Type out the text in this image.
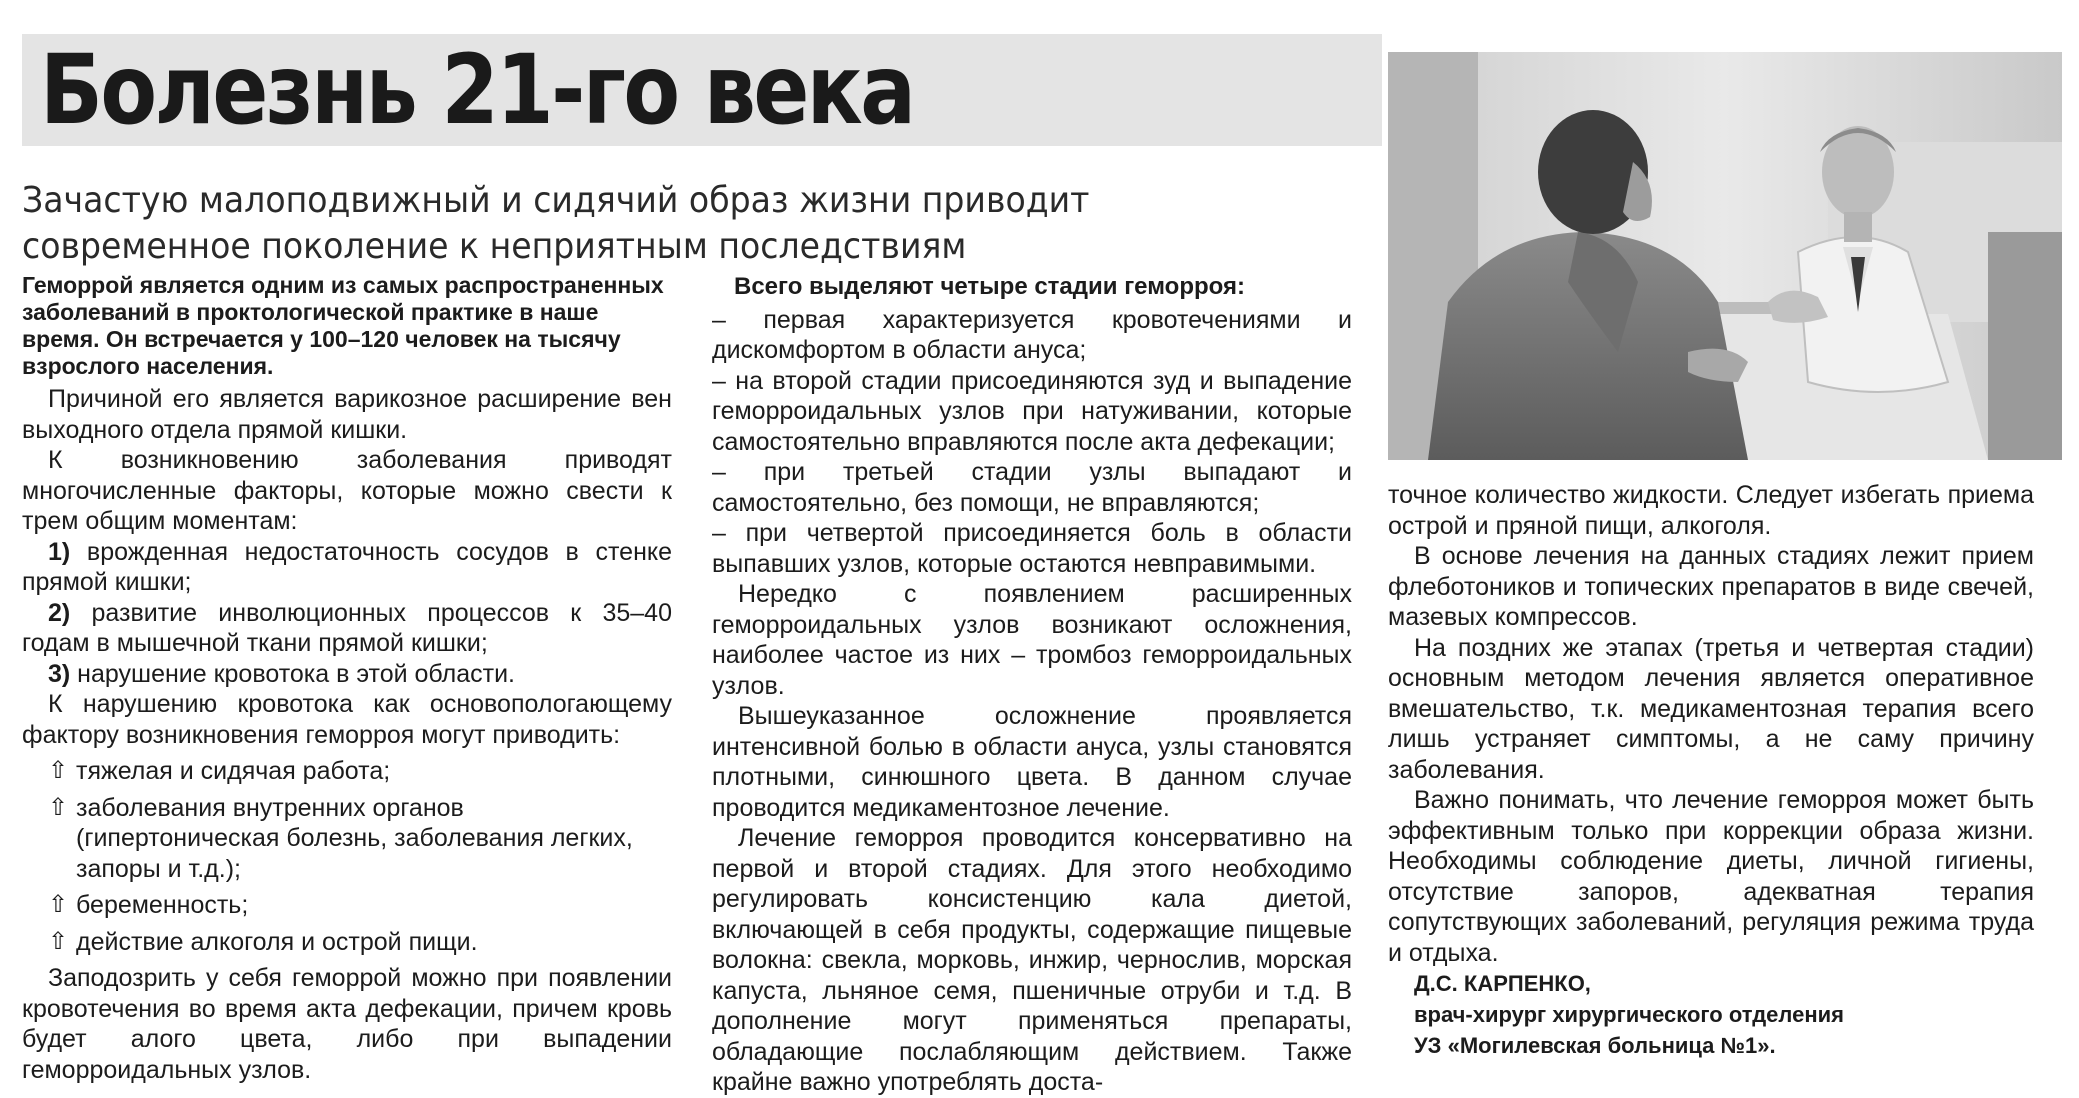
Болезнь 21-го века
Зачастую малоподвижный и сидячий образ жизни приводит современное поколение к неприятным последствиям

Геморрой является одним из самых распространенных заболеваний в проктологической практике в наше время. Он встречается у 100–120 человек на тысячу взрослого населения.

Причиной его является варикозное расширение вен выходного отдела прямой кишки.

К возникновению заболевания приводят многочисленные факторы, которые можно свести к трем общим моментам:

1) врожденная недостаточность сосудов в стенке прямой кишки;

2) развитие инволюционных процессов к 35–40 годам в мышечной ткани прямой кишки;

3) нарушение кровотока в этой области.

К нарушению кровотока как основопологающему фактору возникновения геморроя могут приводить:

⇧ тяжелая и сидячая работа;
⇧ заболевания внутренних органов (гипертоническая болезнь, заболевания легких, запоры и т.д.);
⇧ беременность;
⇧ действие алкоголя и острой пищи.

Заподозрить у себя геморрой можно при появлении кровотечения во время акта дефекации, причем кровь будет алого цвета, либо при выпадении геморроидальных узлов.

Всего выделяют четыре стадии геморроя:

– первая характеризуется кровотечениями и дискомфортом в области ануса;

– на второй стадии присоединяются зуд и выпадение геморроидальных узлов при натуживании, которые самостоятельно вправляются после акта дефекации;

– при третьей стадии узлы выпадают и самостоятельно, без помощи, не вправляются;

– при четвертой присоединяется боль в области выпавших узлов, которые остаются невправимыми.

Нередко с появлением расширенных геморроидальных узлов возникают осложнения, наиболее частое из них – тромбоз геморроидальных узлов.

Вышеуказанное осложнение проявляется интенсивной болью в области ануса, узлы становятся плотными, синюшного цвета. В данном случае проводится медикаментозное лечение.

Лечение геморроя проводится консервативно на первой и второй стадиях. Для этого необходимо регулировать консистенцию кала диетой, включающей в себя продукты, содержащие пищевые волокна: свекла, морковь, инжир, чернослив, морская капуста, льняное семя, пшеничные отруби и т.д. В дополнение могут применяться препараты, обладающие послабляющим действием. Также крайне важно употреблять доста-

точное количество жидкости. Следует избегать приема острой и пряной пищи, алкоголя.

В основе лечения на данных стадиях лежит прием флеботоников и топических препаратов в виде свечей, мазевых компрессов.

На поздних же этапах (третья и четвертая стадии) основным методом лечения является оперативное вмешательство, т.к. медикаментозная терапия всего лишь устраняет симптомы, а не саму причину заболевания.

Важно понимать, что лечение геморроя может быть эффективным только при коррекции образа жизни. Необходимы соблюдение диеты, личной гигиены, отсутствие запоров, адекватная терапия сопутствующих заболеваний, регуляция режима труда и отдыха.

Д.С. КАРПЕНКО,

врач-хирург хирургического отделения

УЗ «Могилевская больница №1».
